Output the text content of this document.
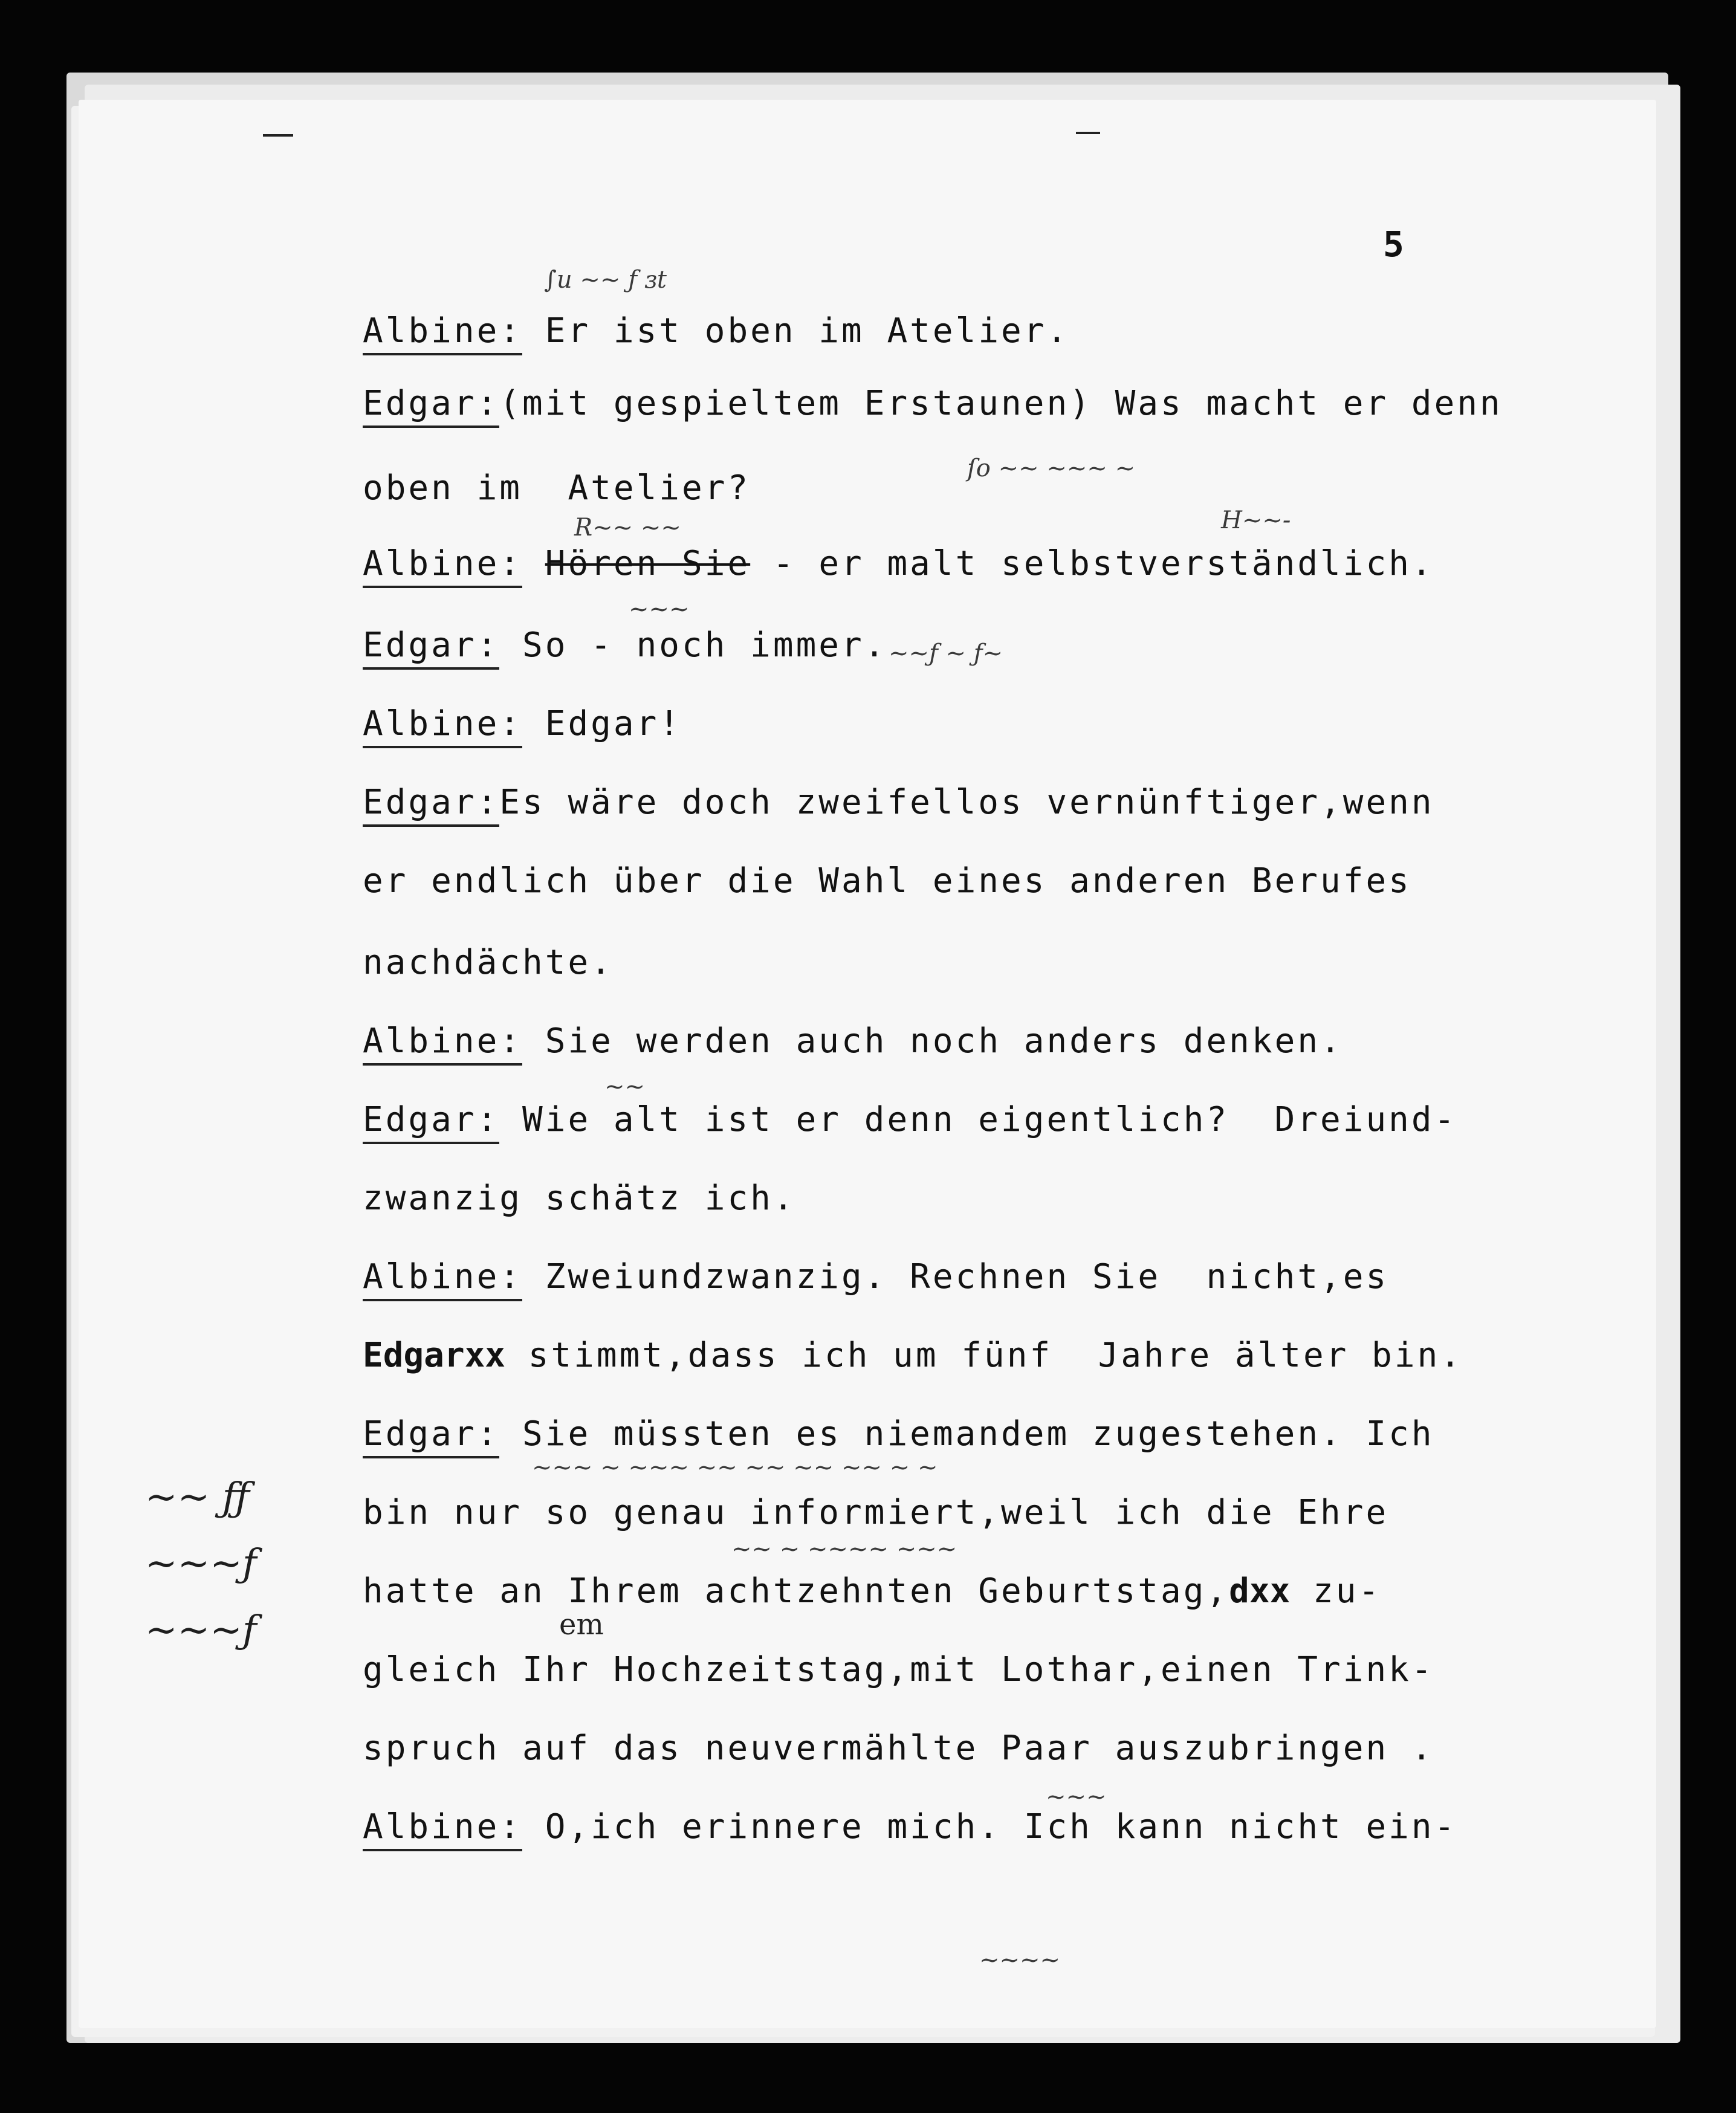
5
∫u ~~ ƒ ɜt
ſo ~~ ~~~ ~
R~~ ~~	H~~-
~~~
~~ƒ ~ ƒ~
~~
~~~ ~ ~~~ ~~ ~~ ~~ ~~ ~ ~
~~ ~ ~~~~ ~~~
~~~
~~~~
~~ ƒƒ
~~~ƒ
~~~ƒ	em
Albine: Er ist oben im Atelier.
Edgar:(mit gespieltem Erstaunen) Was macht er denn
oben im  Atelier?
Albine: Hören Sie - er malt selbstverständlich.
Edgar: So - noch immer.
Albine: Edgar!
Edgar:Es wäre doch zweifellos vernünftiger,wenn
er endlich über die Wahl eines anderen Berufes
nachdächte.
Albine: Sie werden auch noch anders denken.
Edgar: Wie alt ist er denn eigentlich?  Dreiund-
zwanzig schätz ich.
Albine: Zweiundzwanzig. Rechnen Sie  nicht,es
Edgarxx stimmt,dass ich um fünf  Jahre älter bin.
Edgar: Sie müssten es niemandem zugestehen. Ich
bin nur so genau informiert,weil ich die Ehre
hatte an Ihrem achtzehnten Geburtstag,dxx zu-
gleich Ihr Hochzeitstag,mit Lothar,einen Trink-
spruch auf das neuvermählte Paar auszubringen .
Albine: O,ich erinnere mich. Ich kann nicht ein-
